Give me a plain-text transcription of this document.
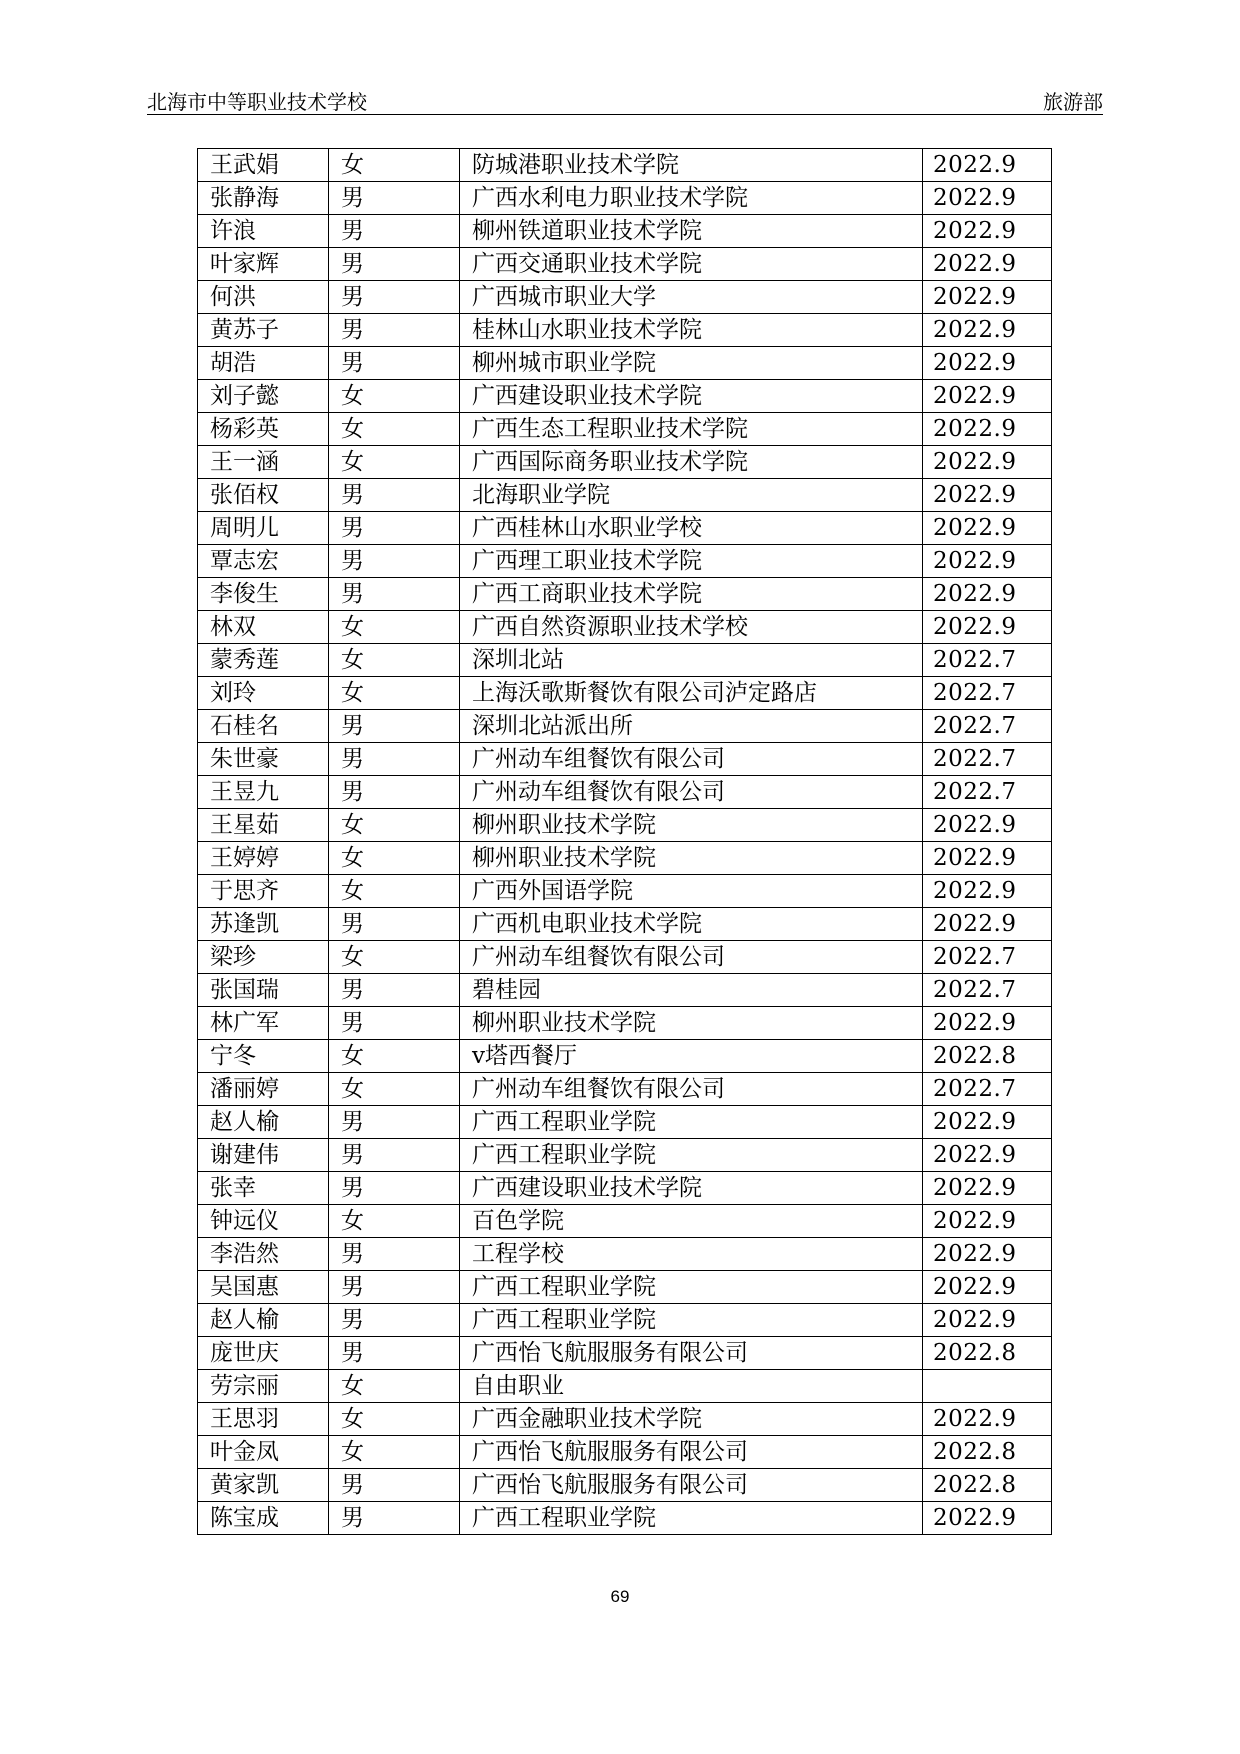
北海市中等职业技术学校	旅游部
王武娟	女	防城港职业技术学院	2022.9
张静海	男	广西水利电力职业技术学院	2022.9
许浪	男	柳州铁道职业技术学院	2022.9
叶家辉	男	广西交通职业技术学院	2022.9
何洪	男	广西城市职业大学	2022.9
黄苏子	男	桂林山水职业技术学院	2022.9
胡浩	男	柳州城市职业学院	2022.9
刘子懿	女	广西建设职业技术学院	2022.9
杨彩英	女	广西生态工程职业技术学院	2022.9
王一涵	女	广西国际商务职业技术学院	2022.9
张佰权	男	北海职业学院	2022.9
周明儿	男	广西桂林山水职业学校	2022.9
覃志宏	男	广西理工职业技术学院	2022.9
李俊生	男	广西工商职业技术学院	2022.9
林双	女	广西自然资源职业技术学校	2022.9
蒙秀莲	女	深圳北站	2022.7
刘玲	女	上海沃歌斯餐饮有限公司泸定路店	2022.7
石桂名	男	深圳北站派出所	2022.7
朱世豪	男	广州动车组餐饮有限公司	2022.7
王昱九	男	广州动车组餐饮有限公司	2022.7
王星茹	女	柳州职业技术学院	2022.9
王婷婷	女	柳州职业技术学院	2022.9
于思齐	女	广西外国语学院	2022.9
苏逢凯	男	广西机电职业技术学院	2022.9
梁珍	女	广州动车组餐饮有限公司	2022.7
张国瑞	男	碧桂园	2022.7
林广军	男	柳州职业技术学院	2022.9
宁冬	女	v塔西餐厅	2022.8
潘丽婷	女	广州动车组餐饮有限公司	2022.7
赵人榆	男	广西工程职业学院	2022.9
谢建伟	男	广西工程职业学院	2022.9
张幸	男	广西建设职业技术学院	2022.9
钟远仪	女	百色学院	2022.9
李浩然	男	工程学校	2022.9
吴国惠	男	广西工程职业学院	2022.9
赵人榆	男	广西工程职业学院	2022.9
庞世庆	男	广西怡飞航服服务有限公司	2022.8
劳宗丽	女	自由职业	
王思羽	女	广西金融职业技术学院	2022.9
叶金凤	女	广西怡飞航服服务有限公司	2022.8
黄家凯	男	广西怡飞航服服务有限公司	2022.8
陈宝成	男	广西工程职业学院	2022.9
69
